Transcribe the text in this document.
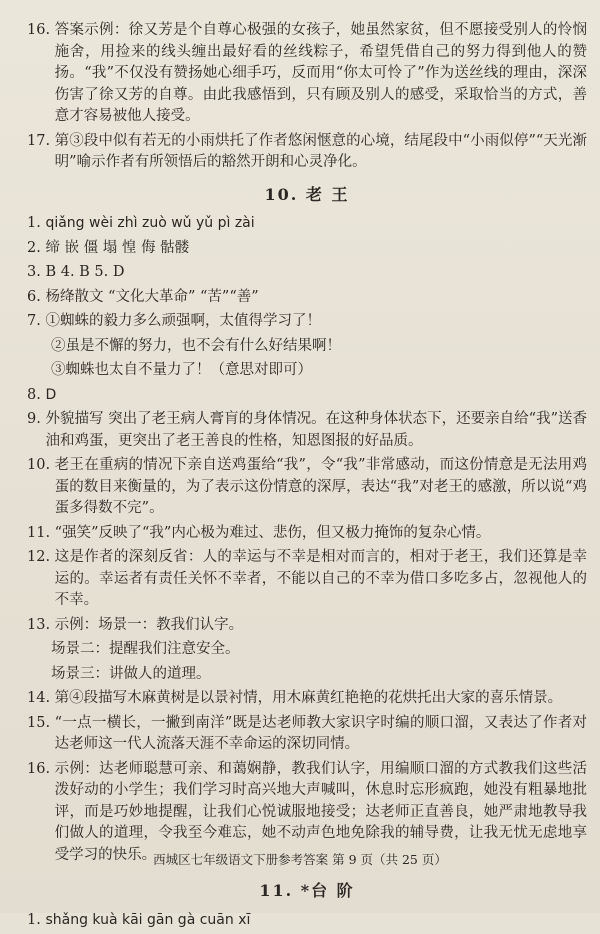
16. 答案示例：徐又芳是个自尊心极强的女孩子，她虽然家贫，但不愿接受别人的怜悯施舍，用捡来的线头缠出最好看的丝线粽子，希望凭借自己的努力得到他人的赞扬。“我”不仅没有赞扬她心细手巧，反而用“你太可怜了”作为送丝线的理由，深深伤害了徐又芳的自尊。由此我感悟到，只有顾及别人的感受，采取恰当的方式，善意才容易被他人接受。
17. 第③段中似有若无的小雨烘托了作者悠闲惬意的心境，结尾段中“小雨似停”“天光渐明”喻示作者有所领悟后的豁然开朗和心灵净化。
10. 老 王
1. qiǎng wèi zhì zuò wǔ yǔ pì zài
2. 缔 嵌 僵 塌 惶 侮 骷髅
3. B 4. B 5. D
6. 杨绛散文 “文化大革命” “苦”“善”
7. ①蜘蛛的毅力多么顽强啊，太值得学习了！
②虽是不懈的努力，也不会有什么好结果啊！
③蜘蛛也太自不量力了！（意思对即可）
8. D
9. 外貌描写 突出了老王病人膏肓的身体情况。在这种身体状态下，还要亲自给“我”送香油和鸡蛋，更突出了老王善良的性格，知恩图报的好品质。
10. 老王在重病的情况下亲自送鸡蛋给“我”，令“我”非常感动，而这份情意是无法用鸡蛋的数目来衡量的，为了表示这份情意的深厚，表达“我”对老王的感激，所以说“鸡蛋多得数不完”。
11. “强笑”反映了“我”内心极为难过、悲伤，但又极力掩饰的复杂心情。
12. 这是作者的深刻反省：人的幸运与不幸是相对而言的，相对于老王，我们还算是幸运的。幸运者有责任关怀不幸者，不能以自己的不幸为借口多吃多占，忽视他人的不幸。
13. 示例：场景一：教我们认字。
场景二：提醒我们注意安全。
场景三：讲做人的道理。
14. 第④段描写木麻黄树是以景衬情，用木麻黄红艳艳的花烘托出大家的喜乐情景。
15. “一点一横长，一撇到南洋”既是达老师教大家识字时编的顺口溜，又表达了作者对达老师这一代人流落天涯不幸命运的深切同情。
16. 示例：达老师聪慧可亲、和蔼娴静，教我们认字，用编顺口溜的方式教我们这些活泼好动的小学生；我们学习时高兴地大声喊叫，休息时忘形疯跑，她没有粗暴地批评，而是巧妙地提醒，让我们心悦诚服地接受；达老师正直善良，她严肃地教导我们做人的道理，令我至今难忘，她不动声色地免除我的辅导费，让我无忧无虑地享受学习的快乐。
11. *台 阶
1. shǎng kuà kāi gān gà cuān xī
西城区七年级语文下册参考答案 第 9 页（共 25 页）
